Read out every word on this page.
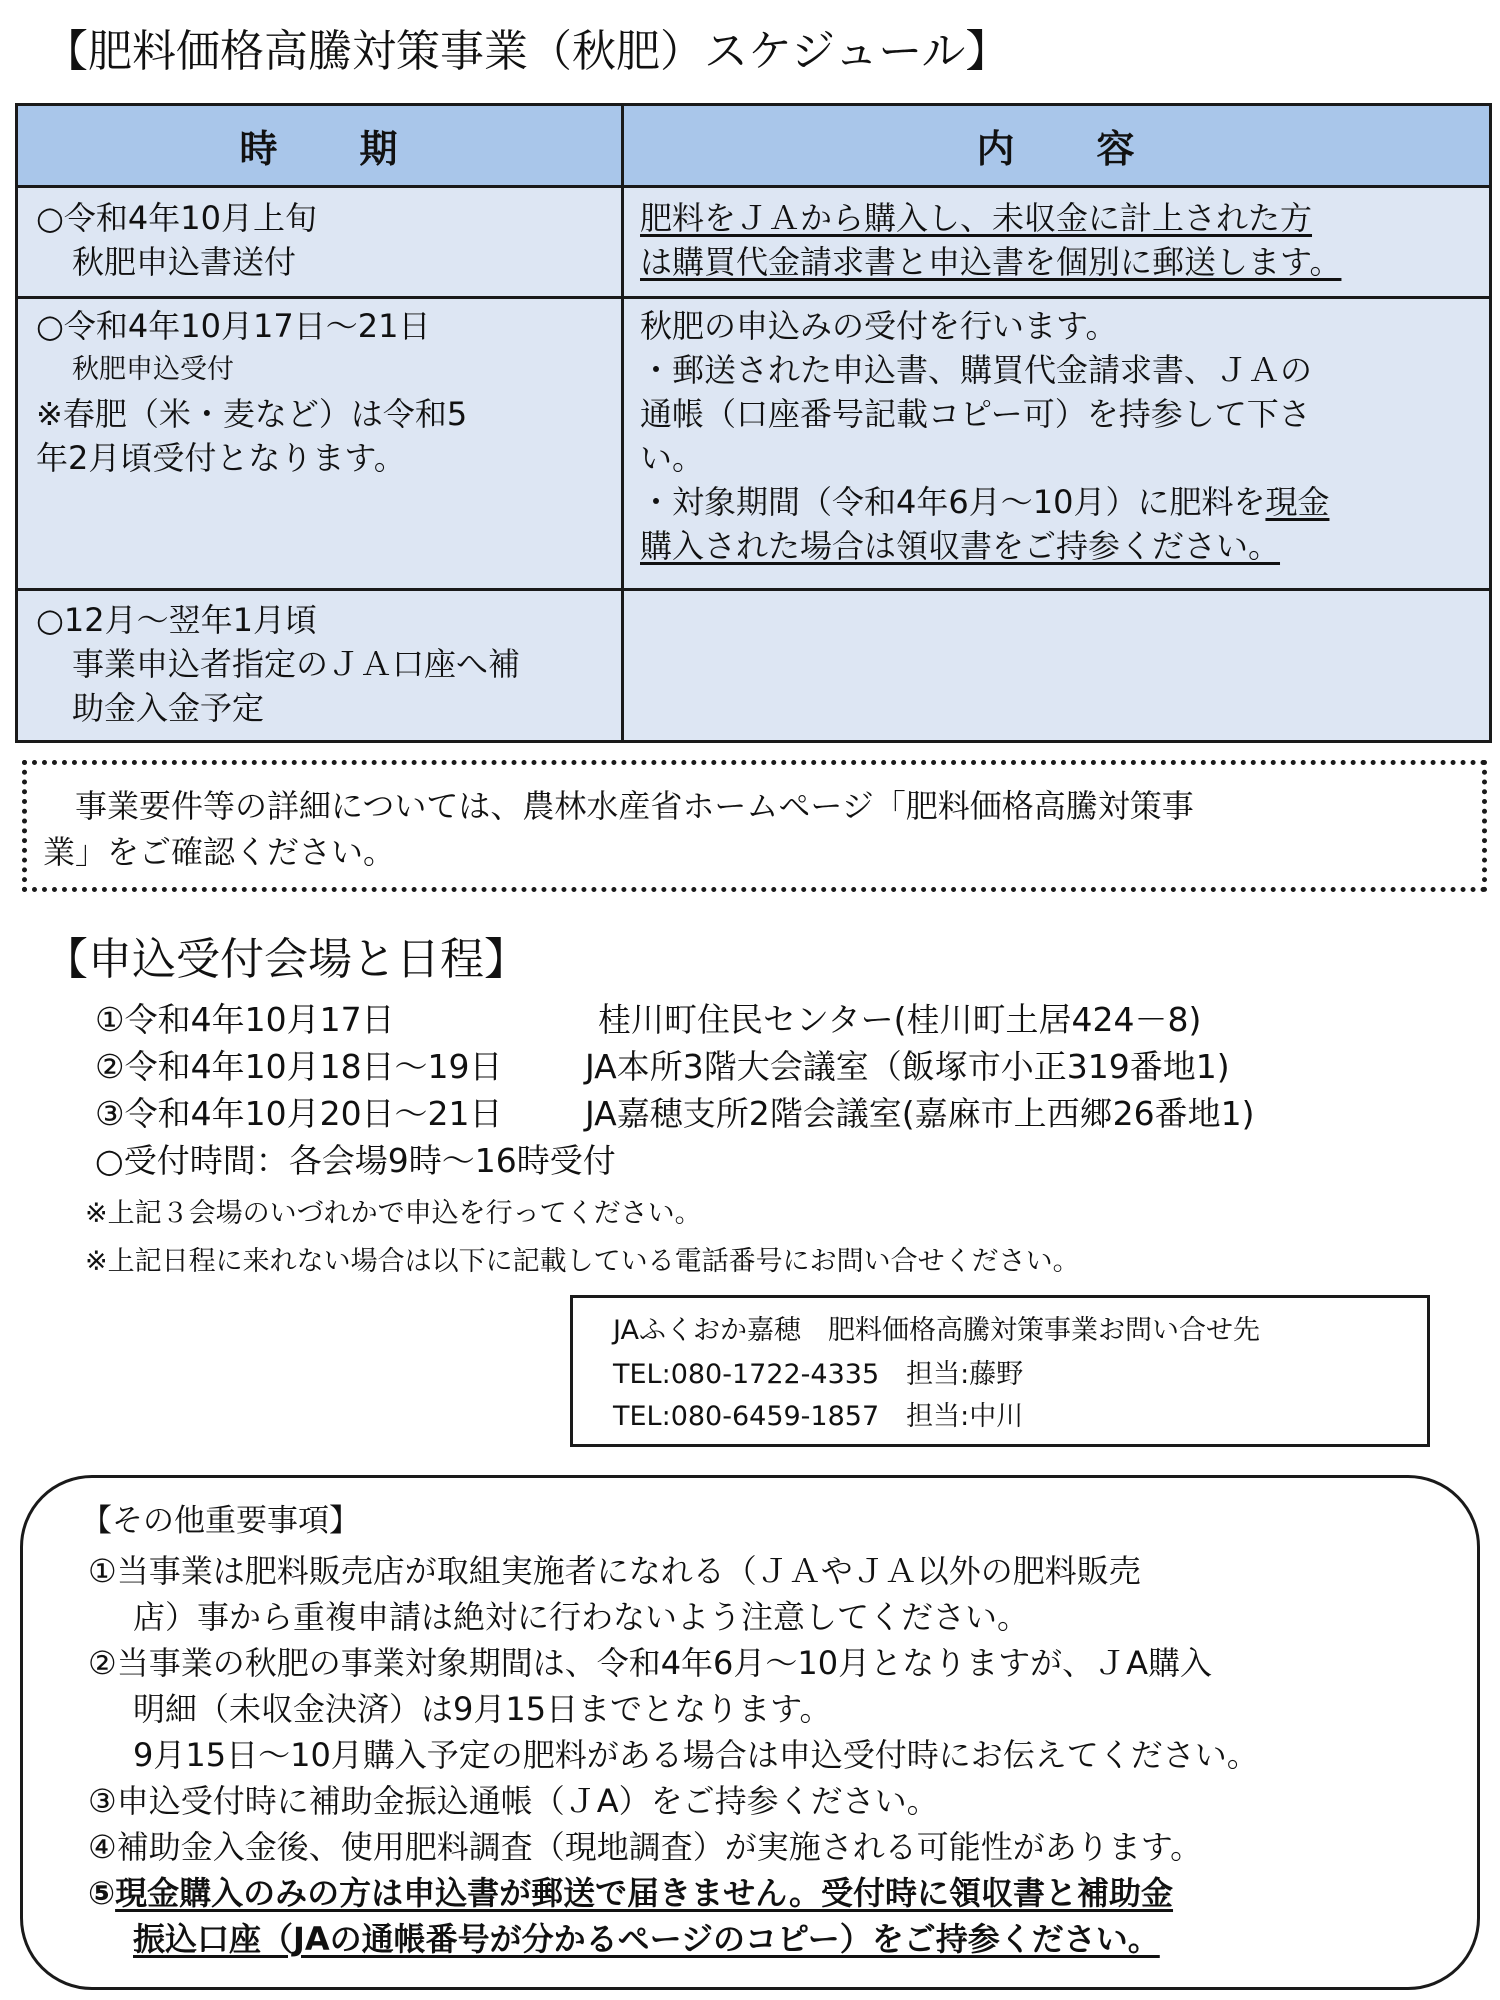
【肥料価格高騰対策事業（秋肥）スケジュール】
時　　期	内　　容
○令和4年10月上旬
秋肥申込書送付
肥料をＪＡから購入し、未収金に計上された方
は購買代金請求書と申込書を個別に郵送します。
○令和4年10月17日～21日
秋肥申込受付
※春肥（米・麦など）は令和5
年2月頃受付となります。
秋肥の申込みの受付を行います。
・郵送された申込書、購買代金請求書、ＪＡの
通帳（口座番号記載コピー可）を持参して下さ
い。
・対象期間（令和4年6月～10月）に肥料を現金
購入された場合は領収書をご持参ください。
○12月～翌年1月頃
事業申込者指定のＪＡ口座へ補
助金入金予定
事業要件等の詳細については、農林水産省ホームページ「肥料価格高騰対策事
業」をご確認ください。
【申込受付会場と日程】
①令和4年10月17日	桂川町住民センター(桂川町土居424－8)
②令和4年10月18日～19日 JA本所3階大会議室（飯塚市小正319番地1)
③令和4年10月20日～21日 JA嘉穂支所2階会議室(嘉麻市上西郷26番地1)
○受付時間：各会場9時～16時受付
※上記３会場のいづれかで申込を行ってください。
※上記日程に来れない場合は以下に記載している電話番号にお問い合せください。
JAふくおか嘉穂　肥料価格高騰対策事業お問い合せ先
TEL:080-1722-4335　担当:藤野
TEL:080-6459-1857　担当:中川
【その他重要事項】
①当事業は肥料販売店が取組実施者になれる（ＪＡやＪＡ以外の肥料販売
店）事から重複申請は絶対に行わないよう注意してください。
②当事業の秋肥の事業対象期間は、令和4年6月～10月となりますが、ＪA購入
明細（未収金決済）は9月15日までとなります。
9月15日～10月購入予定の肥料がある場合は申込受付時にお伝えてください。
③申込受付時に補助金振込通帳（ＪA）をご持参ください。
④補助金入金後、使用肥料調査（現地調査）が実施される可能性があります。
⑤現金購入のみの方は申込書が郵送で届きません。受付時に領収書と補助金
振込口座（JAの通帳番号が分かるページのコピー）をご持参ください。
